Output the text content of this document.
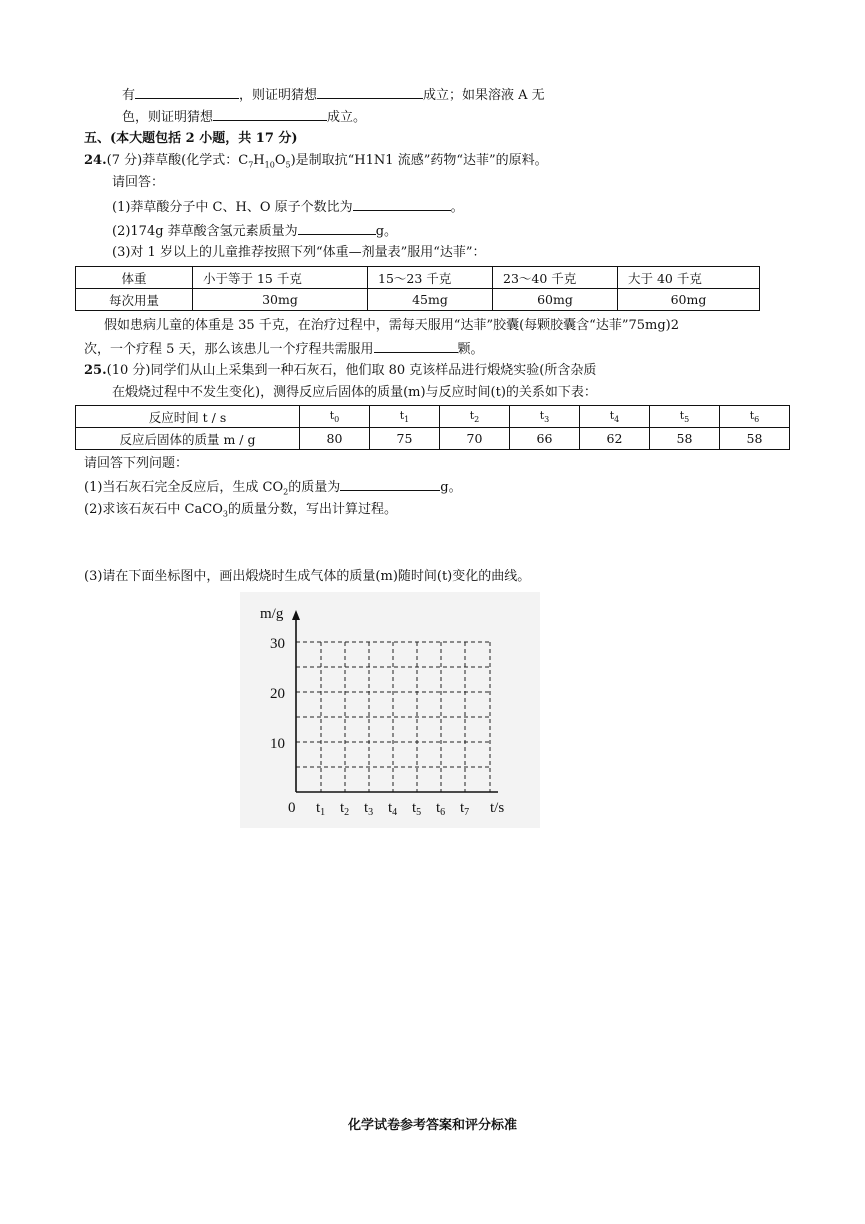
有	，则证明猜想	成立；如果溶液 A 无
色，则证明猜想	成立。
五、(本大题包括 2 小题，共 17 分)
24.(7 分)莽草酸(化学式：$C_7H_{10}O_5$)是制取抗“H1N1 流感”药物“达菲”的原料。
请回答：
(1)莽草酸分子中 C、H、O 原子个数比为	。
(2)174g 莽草酸含氢元素质量为	g。
(3)对 1 岁以上的儿童推荐按照下列“体重—剂量表”服用“达菲”：
体重	小于等于 15 千克	15～23 千克	23～40 千克	大于 40 千克
每次用量	30mg	45mg	60mg	60mg
假如患病儿童的体重是 35 千克，在治疗过程中，需每天服用“达菲”胶囊(每颗胶囊含“达菲”75mg)2
次，一个疗程 5 天，那么该患儿一个疗程共需服用	颗。
25.(10 分)同学们从山上采集到一种石灰石，他们取 80 克该样品进行煅烧实验(所含杂质
在煅烧过程中不发生变化)，测得反应后固体的质量(m)与反应时间(t)的关系如下表：
反应时间 t / s	$t_0$	$t_1$	$t_2$	$t_3$	$t_4$	$t_5$	$t_6$
反应后固体的质量 m / g	80	75	70	66	62	58	58
请回答下列问题：
(1)当石灰石完全反应后，生成 $CO_2$的质量为	g。
(2)求该石灰石中 CaCO$_3$的质量分数，写出计算过程。
(3)请在下面坐标图中，画出煅烧时生成气体的质量(m)随时间(t)变化的曲线。
m/g
30
20
10
0 $t_1$ $t_2$ $t_3$ $t_4$ $t_5$ $t_6$ $t_7$ t/s
化学试卷参考答案和评分标准
